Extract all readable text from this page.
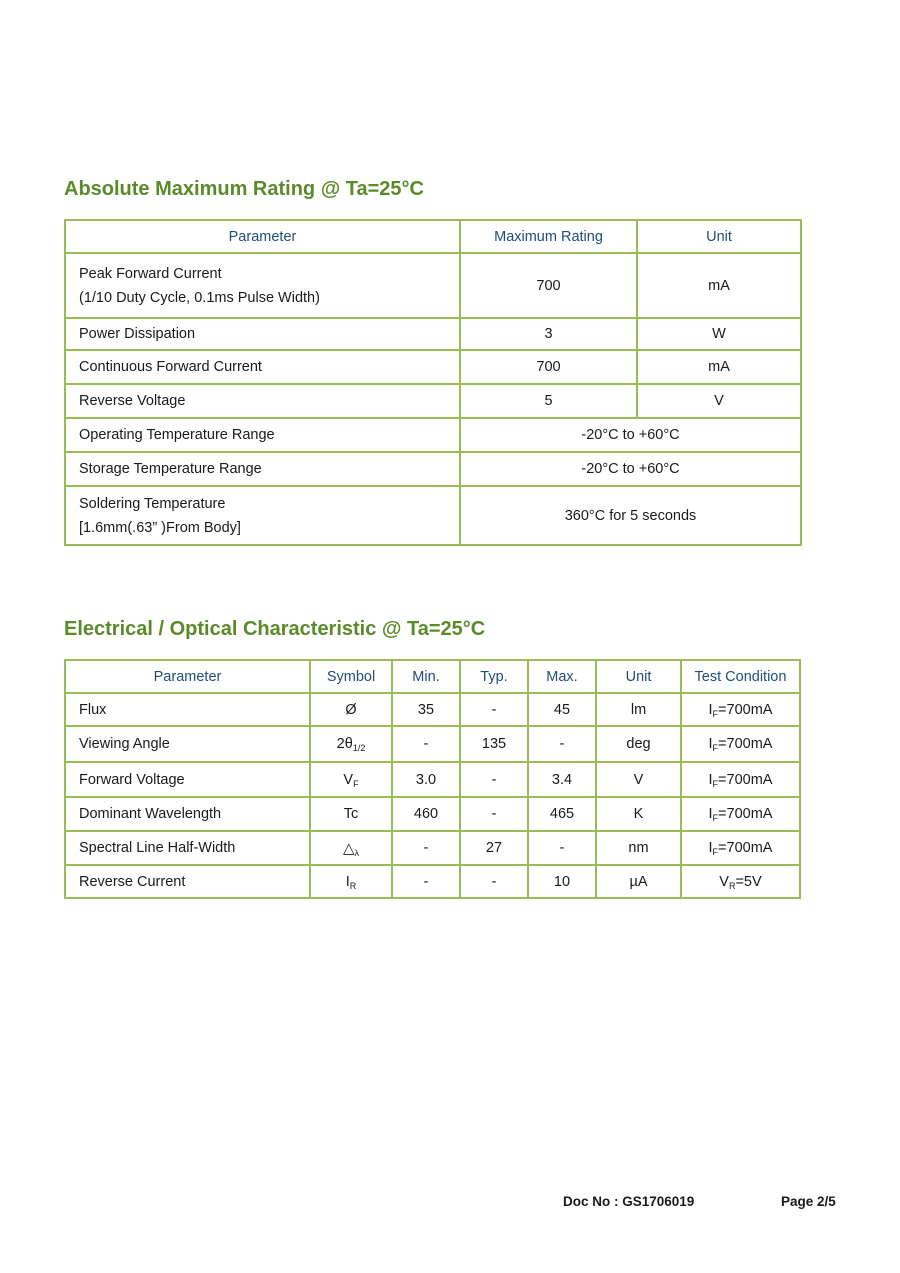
Absolute Maximum Rating @ Ta=25°C
Parameter	Maximum Rating	Unit

Peak Forward Current
(1/10 Duty Cycle, 0.1ms Pulse Width)	700	mA
Power Dissipation	3	W
Continuous Forward Current	700	mA
Reverse Voltage	5	V
Operating Temperature Range	-20°C to +60°C	
Storage Temperature Range	-20°C to +60°C	

Soldering Temperature
[1.6mm(.63” )From Body]	360°C for 5 seconds	
Electrical / Optical Characteristic @ Ta=25°C
Parameter	Symbol	Min.	Typ.	Max.	Unit	Test Condition
Flux	Ø	35	-	45	lm	$I_F=700mA$
Viewing Angle	$2\theta_{1/2}$	-	135	-	deg	$I_F=700mA$
Forward Voltage	$V_F$	3.0	-	3.4	V	$I_F=700mA$
Dominant Wavelength	Tc	460	-	465	K	$I_F=700mA$
Spectral Line Half-Width	$\triangle_\lambda$	-	27	-	nm	$I_F=700mA$
Reverse Current	$I_R$	-	-	10	µA	$V_R=5V$
Doc No : GS1706019	Page 2/5
